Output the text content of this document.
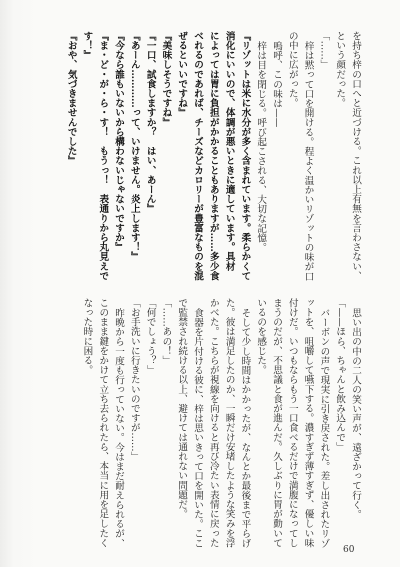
を持ち梓の口へと近づける。これ以上有無を言わさない、
という顔だった。
「……」
梓は黙って口を開ける。程よく温かいリゾットの味が口
の中に広がった。
嗚呼、この味は——
梓は目を閉じる。呼び起こされる、大切な記憶。
『リゾットは米に水分が多く含まれています。柔らかくて
消化にいいので、体調が悪いときに適しています。具材
によっては胃に負担がかかることもありますが……多少食
べれるのであれば、チーズなどカロリーが豊富なものを混
ぜるといいですね』
『美味しそうですね』
『一口、試食しますか？　はい、あーん』
『あーん…………って、いけません。炎上します！』
『今なら誰もいないから構わないじゃないですか』
『ま・ど・が・ら・す！　もうっ！　表通りから丸見えで
す！』
『おや、気づきませんでした』
思い出の中の二人の笑い声が、遠ざかって行く。
「——ほら、ちゃんと飲み込んで」
バーボンの声で現実に引き戻された。差し出されたリゾ
ットを、咀嚼して嚥下する。濃すぎず薄すぎず、優しい味
付けだ。いつもならもう一口食べるだけで満腹になってし
まうのだが、不思議と食が進んだ。久しぶりに胃が動いて
いるのを感じた。
そして少し時間はかかったが、なんとか最後まで平らげ
た。彼は満足したのか、一瞬だけ安堵したような笑みを浮
かべた。こちらが視線を向けると再び冷たい表情に戻った
食器を片付ける彼に、梓は思いきって口を開いた。ここ
で監禁され続ける以上、避けては通れない問題だ。
「……あの！」
「何でしょう？」
「お手洗いに行きたいのですが……」
昨晩から一度も行っていない。今はまだ耐えられるが、
このまま鍵をかけて立ち去られたら、本当に用を足したく
なった時に困る。
60
